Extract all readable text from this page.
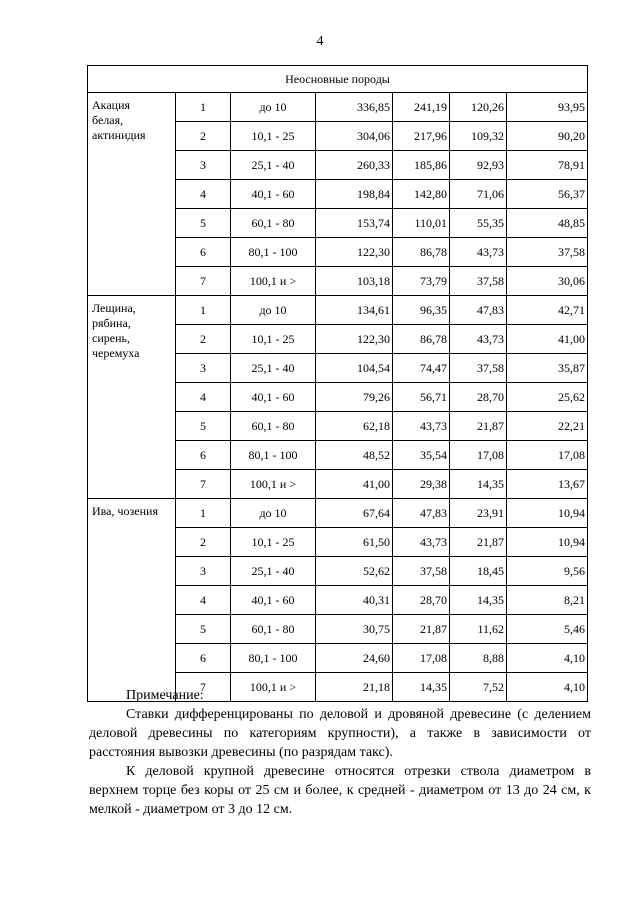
4
Неосновные породы						

Акация
белая,
актинидия	1	до 10	336,85	241,19	120,26	93,95
	2	10,1 - 25	304,06	217,96	109,32	90,20
	3	25,1 - 40	260,33	185,86	92,93	78,91
	4	40,1 - 60	198,84	142,80	71,06	56,37
	5	60,1 - 80	153,74	110,01	55,35	48,85
	6	80,1 - 100	122,30	86,78	43,73	37,58
	7	100,1 и >	103,18	73,79	37,58	30,06

Лещина,
рябина,
сирень,
черемуха	1	до 10	134,61	96,35	47,83	42,71
	2	10,1 - 25	122,30	86,78	43,73	41,00
	3	25,1 - 40	104,54	74,47	37,58	35,87
	4	40,1 - 60	79,26	56,71	28,70	25,62
	5	60,1 - 80	62,18	43,73	21,87	22,21
	6	80,1 - 100	48,52	35,54	17,08	17,08
	7	100,1 и >	41,00	29,38	14,35	13,67

Ива, чозения	1	до 10	67,64	47,83	23,91	10,94
	2	10,1 - 25	61,50	43,73	21,87	10,94
	3	25,1 - 40	52,62	37,58	18,45	9,56
	4	40,1 - 60	40,31	28,70	14,35	8,21
	5	60,1 - 80	30,75	21,87	11,62	5,46
	6	80,1 - 100	24,60	17,08	8,88	4,10
	7	100,1 и >	21,18	14,35	7,52	4,10

Примечание:

Ставки дифференцированы по деловой и дровяной древесине (с делением деловой древесины по категориям крупности), а также в зависимости от расстояния вывозки древесины (по разрядам такс).

К деловой крупной древесине относятся отрезки ствола диаметром в верхнем торце без коры от 25 см и более, к средней - диаметром от 13 до 24 см, к мелкой - диаметром от 3 до 12 см.
